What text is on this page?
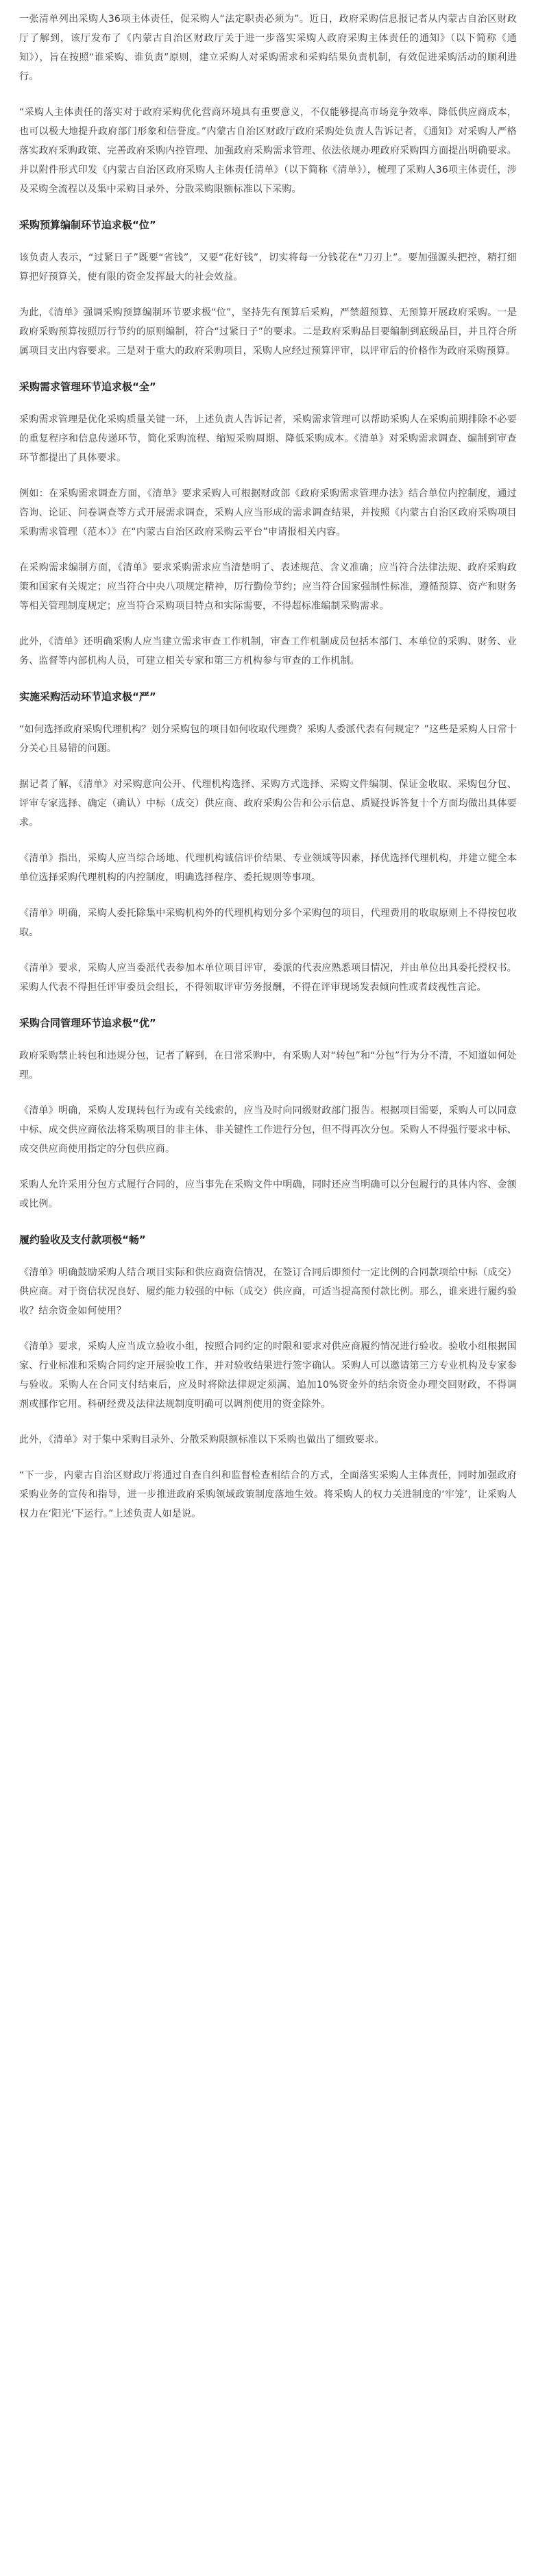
一张清单列出采购人36项主体责任，促采购人“法定职责必须为”。近日，政府采购信息报记者从内蒙古自治区财政厅了解到，该厅发布了《内蒙古自治区财政厅关于进一步落实采购人政府采购主体责任的通知》（以下简称《通知》），旨在按照“谁采购、谁负责”原则，建立采购人对采购需求和采购结果负责机制，有效促进采购活动的顺利进行。

“采购人主体责任的落实对于政府采购优化营商环境具有重要意义，不仅能够提高市场竞争效率、降低供应商成本，也可以极大地提升政府部门形象和信誉度。”内蒙古自治区财政厅政府采购处负责人告诉记者，《通知》对采购人严格落实政府采购政策、完善政府采购内控管理、加强政府采购需求管理、依法依规办理政府采购四方面提出明确要求。并以附件形式印发《内蒙古自治区政府采购人主体责任清单》（以下简称《清单》），梳理了采购人36项主体责任，涉及采购全流程以及集中采购目录外、分散采购限额标准以下采购。

采购预算编制环节追求极“位”

该负责人表示，“过紧日子”既要“省钱”，又要“花好钱”，切实将每一分钱花在“刀刃上”。要加强源头把控，精打细算把好预算关，使有限的资金发挥最大的社会效益。

为此，《清单》强调采购预算编制环节要求极“位”，坚持先有预算后采购，严禁超预算、无预算开展政府采购。一是政府采购预算按照厉行节约的原则编制，符合“过紧日子”的要求。二是政府采购品目要编制到底级品目，并且符合所属项目支出内容要求。三是对于重大的政府采购项目，采购人应经过预算评审，以评审后的价格作为政府采购预算。

采购需求管理环节追求极“全”

采购需求管理是优化采购质量关键一环，上述负责人告诉记者，采购需求管理可以帮助采购人在采购前期排除不必要的重复程序和信息传递环节，简化采购流程、缩短采购周期、降低采购成本。《清单》对采购需求调查、编制到审查环节都提出了具体要求。

例如：在采购需求调查方面，《清单》要求采购人可根据财政部《政府采购需求管理办法》结合单位内控制度，通过咨询、论证、问卷调查等方式开展需求调查，采购人应当形成的需求调查结果，并按照《内蒙古自治区政府采购项目采购需求管理（范本）》在“内蒙古自治区政府采购云平台”申请报相关内容。

在采购需求编制方面，《清单》要求采购需求应当清楚明了、表述规范、含义准确；应当符合法律法规、政府采购政策和国家有关规定；应当符合中央八项规定精神，厉行勤俭节约；应当符合国家强制性标准，遵循预算、资产和财务等相关管理制度规定；应当符合采购项目特点和实际需要，不得超标准编制采购需求。

此外，《清单》还明确采购人应当建立需求审查工作机制，审查工作机制成员包括本部门、本单位的采购、财务、业务、监督等内部机构人员，可建立相关专家和第三方机构参与审查的工作机制。

实施采购活动环节追求极“严”

“如何选择政府采购代理机构？划分采购包的项目如何收取代理费？采购人委派代表有何规定？”这些是采购人日常十分关心且易错的问题。

据记者了解，《清单》对采购意向公开、代理机构选择、采购方式选择、采购文件编制、保证金收取、采购包分包、评审专家选择、确定（确认）中标（成交）供应商、政府采购公告和公示信息、质疑投诉答复十个方面均做出具体要求。

《清单》指出，采购人应当综合场地、代理机构诚信评价结果、专业领域等因素，择优选择代理机构，并建立健全本单位选择采购代理机构的内控制度，明确选择程序、委托规则等事项。

《清单》明确，采购人委托除集中采购机构外的代理机构划分多个采购包的项目，代理费用的收取原则上不得按包收取。

《清单》要求，采购人应当委派代表参加本单位项目评审，委派的代表应熟悉项目情况，并由单位出具委托授权书。采购人代表不得担任评审委员会组长，不得领取评审劳务报酬，不得在评审现场发表倾向性或者歧视性言论。

采购合同管理环节追求极“优”

政府采购禁止转包和违规分包，记者了解到，在日常采购中，有采购人对“转包”和“分包”行为分不清，不知道如何处理。

《清单》明确，采购人发现转包行为或有关线索的，应当及时向同级财政部门报告。根据项目需要，采购人可以同意中标、成交供应商依法将采购项目的非主体、非关键性工作进行分包，但不得再次分包。采购人不得强行要求中标、成交供应商使用指定的分包供应商。

采购人允许采用分包方式履行合同的，应当事先在采购文件中明确，同时还应当明确可以分包履行的具体内容、金额或比例。

履约验收及支付款项极“畅”

《清单》明确鼓励采购人结合项目实际和供应商资信情况，在签订合同后即预付一定比例的合同款项给中标（成交）供应商。对于资信状况良好、履约能力较强的中标（成交）供应商，可适当提高预付款比例。那么，谁来进行履约验收？结余资金如何使用？

《清单》要求，采购人应当成立验收小组，按照合同约定的时限和要求对供应商履约情况进行验收。验收小组根据国家、行业标准和采购合同约定开展验收工作，并对验收结果进行签字确认。采购人可以邀请第三方专业机构及专家参与验收。采购人在合同支付结束后，应及时将除法律规定须满、追加10%资金外的结余资金办理交回财政，不得调剂或挪作它用。科研经费及法律法规制度明确可以调剂使用的资金除外。

此外，《清单》对于集中采购目录外、分散采购限额标准以下采购也做出了细致要求。

“下一步，内蒙古自治区财政厅将通过自查自纠和监督检查相结合的方式，全面落实采购人主体责任，同时加强政府采购业务的宣传和指导，进一步推进政府采购领域政策制度落地生效。将采购人的权力关进制度的‘牢笼’，让采购人权力在‘阳光’下运行。”上述负责人如是说。
